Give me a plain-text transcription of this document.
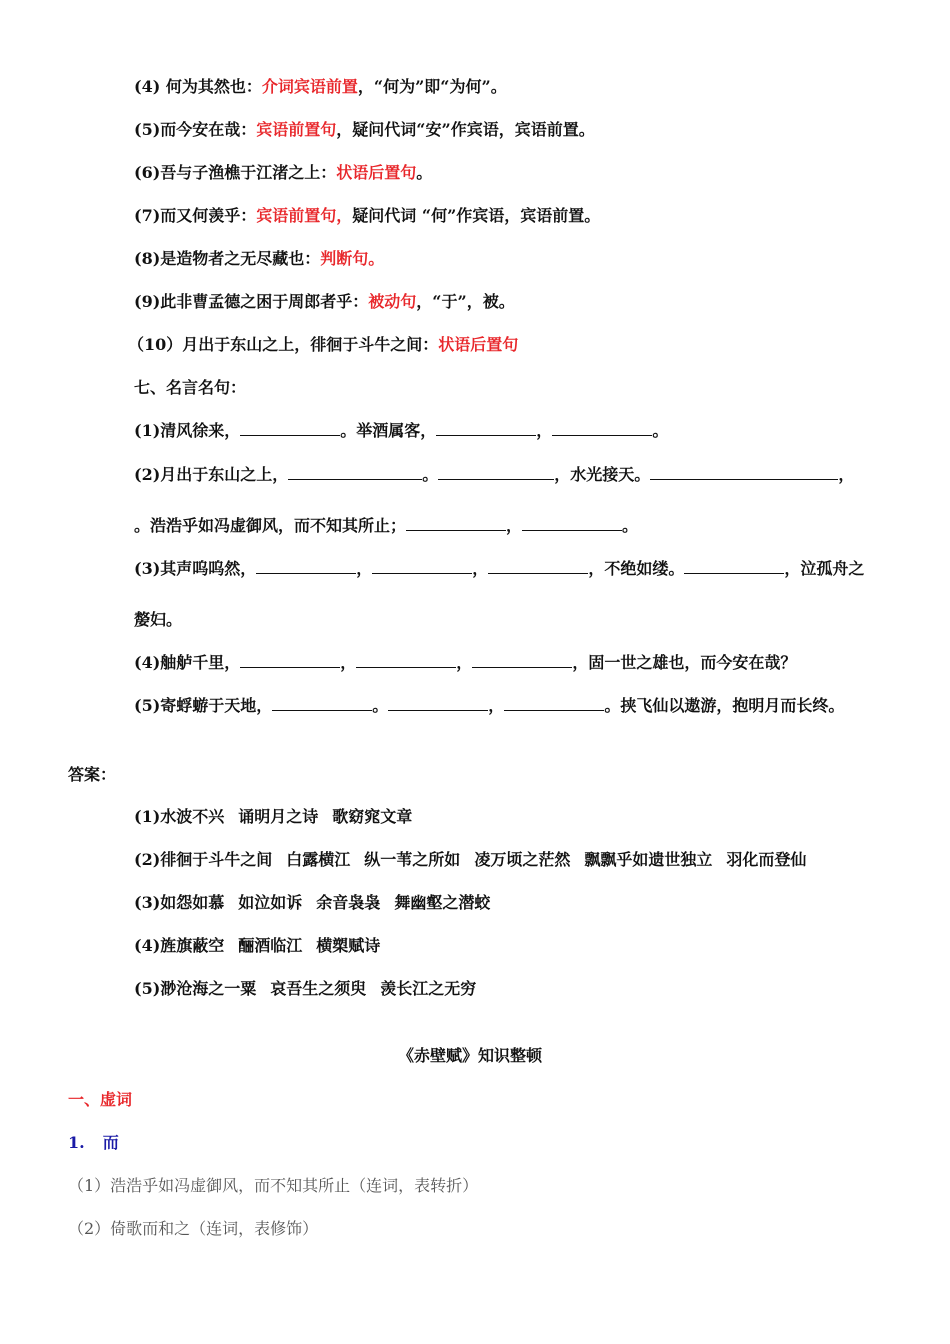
(4) 何为其然也：介词宾语前置，“何为”即“为何”。
(5)而今安在哉：宾语前置句，疑问代词“安”作宾语，宾语前置。
(6)吾与子渔樵于江渚之上：状语后置句。
(7)而又何羡乎：宾语前置句，疑问代词 “何”作宾语，宾语前置。
(8)是造物者之无尽藏也：判断句。
(9)此非曹孟德之困于周郎者乎：被动句，“于”，被。
（10）月出于东山之上，徘徊于斗牛之间：状语后置句
七、名言名句：
(1)清风徐来，	。举酒属客，	，	。
(2)月出于东山之上，	。	，水光接天。	，
。浩浩乎如冯虚御风，而不知其所止；	，	。
(3)其声呜呜然，	，	，	，不绝如缕。	，泣孤舟之
嫠妇。
(4)舳舻千里，	，	，	，固一世之雄也，而今安在哉？
(5)寄蜉蝣于天地，	。	，	。挟飞仙以遨游，抱明月而长终。
答案：
(1)水波不兴 诵明月之诗 歌窈窕文章
(2)徘徊于斗牛之间 白露横江 纵一苇之所如 凌万顷之茫然 飘飘乎如遗世独立 羽化而登仙
(3)如怨如慕 如泣如诉 余音袅袅 舞幽壑之潜蛟
(4)旌旗蔽空 酾酒临江 横槊赋诗
(5)渺沧海之一粟 哀吾生之须臾 羡长江之无穷
《赤壁赋》知识整顿
一、虚词
1. 而
（1）浩浩乎如冯虚御风，而不知其所止（连词，表转折）
（2）倚歌而和之（连词，表修饰）
